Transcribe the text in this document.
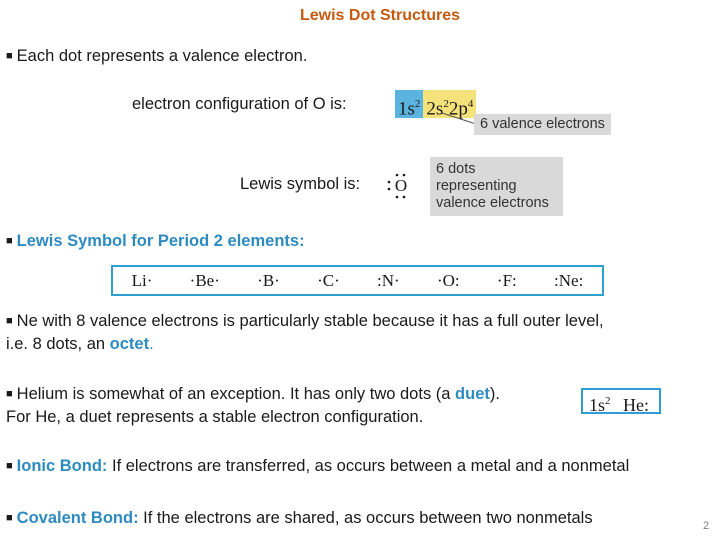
Lewis Dot Structures
■ Each dot represents a valence electron.
electron configuration of O is:	$1s^2$ $2s^22p^4$
6 valence electrons
Lewis symbol is: O
6 dots representing valence electrons
■ Lewis Symbol for Period 2 elements:
Li· ·Be· ·B· ·C· :N· ·O: ·F: :Ne:
■ Ne with 8 valence electrons is particularly stable because it has a full outer level,
i.e. 8 dots, an octet.
■ Helium is somewhat of an exception. It has only two dots (a duet).
For He, a duet represents a stable electron configuration.
$1s^2$ He:
■ Ionic Bond: If electrons are transferred, as occurs between a metal and a nonmetal
■ Covalent Bond: If the electrons are shared, as occurs between two nonmetals	2
